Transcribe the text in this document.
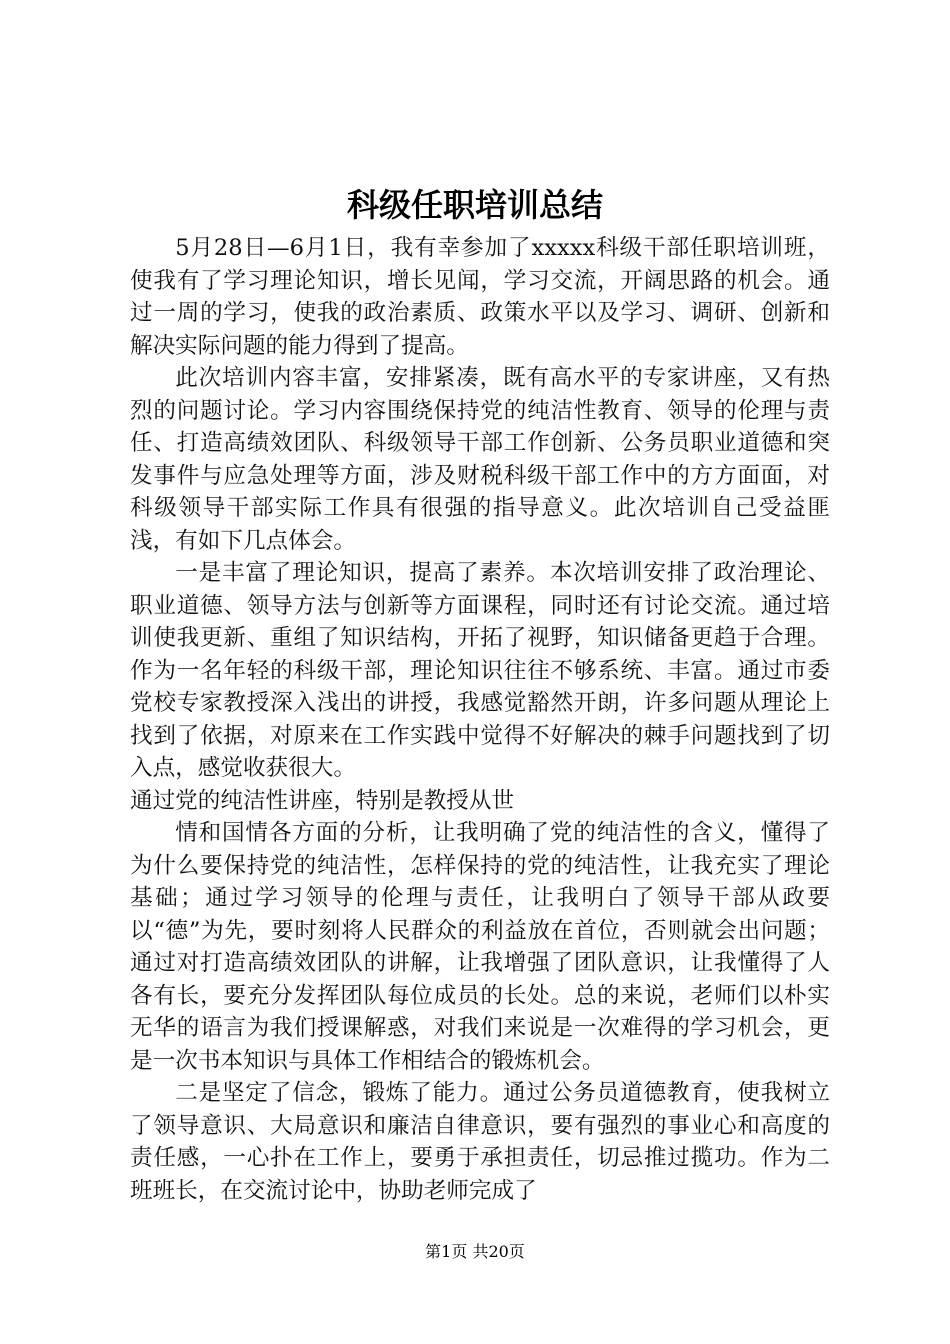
科级任职培训总结

5月28日—6月1日，我有幸参加了xxxxx科级干部任职培训班，使我有了学习理论知识，增长见闻，学习交流，开阔思路的机会。通过一周的学习，使我的政治素质、政策水平以及学习、调研、创新和解决实际问题的能力得到了提高。

此次培训内容丰富，安排紧凑，既有高水平的专家讲座，又有热烈的问题讨论。学习内容围绕保持党的纯洁性教育、领导的伦理与责任、打造高绩效团队、科级领导干部工作创新、公务员职业道德和突发事件与应急处理等方面，涉及财税科级干部工作中的方方面面，对科级领导干部实际工作具有很强的指导意义。此次培训自己受益匪浅，有如下几点体会。

一是丰富了理论知识，提高了素养。本次培训安排了政治理论、职业道德、领导方法与创新等方面课程，同时还有讨论交流。通过培训使我更新、重组了知识结构，开拓了视野，知识储备更趋于合理。作为一名年轻的科级干部，理论知识往往不够系统、丰富。通过市委党校专家教授深入浅出的讲授，我感觉豁然开朗，许多问题从理论上找到了依据，对原来在工作实践中觉得不好解决的棘手问题找到了切入点，感觉收获很大。

通过党的纯洁性讲座，特别是教授从世

情和国情各方面的分析，让我明确了党的纯洁性的含义，懂得了为什么要保持党的纯洁性，怎样保持的党的纯洁性，让我充实了理论基础；通过学习领导的伦理与责任，让我明白了领导干部从政要以“德”为先，要时刻将人民群众的利益放在首位，否则就会出问题；通过对打造高绩效团队的讲解，让我增强了团队意识，让我懂得了人各有长，要充分发挥团队每位成员的长处。总的来说，老师们以朴实无华的语言为我们授课解惑，对我们来说是一次难得的学习机会，更是一次书本知识与具体工作相结合的锻炼机会。

二是坚定了信念，锻炼了能力。通过公务员道德教育，使我树立了领导意识、大局意识和廉洁自律意识，要有强烈的事业心和高度的责任感，一心扑在工作上，要勇于承担责任，切忌推过揽功。作为二班班长，在交流讨论中，协助老师完成了

第1页 共20页
